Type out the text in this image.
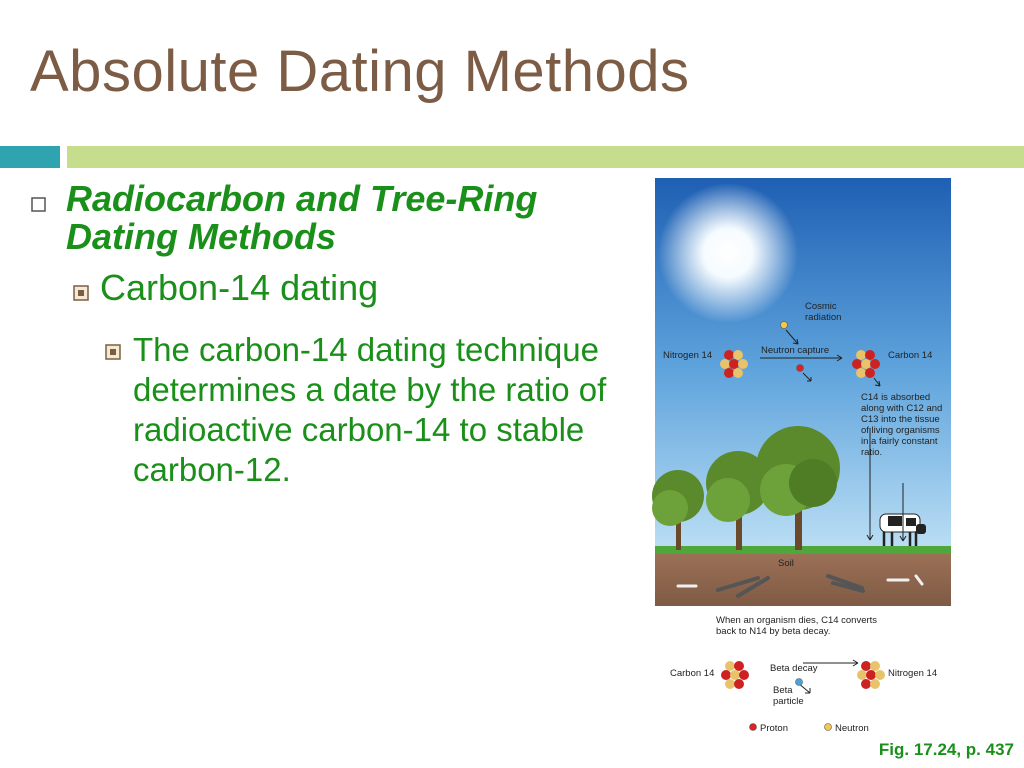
Absolute Dating Methods
Radiocarbon and Tree-Ring Dating Methods
Carbon-14 dating
The carbon-14 dating technique determines a date by the ratio of radioactive carbon-14 to stable carbon-12.
Cosmic
radiation
Nitrogen 14	Neutron capture	Carbon 14
C14 is absorbed
along with C12 and
C13 into the tissue
of living organisms
in a fairly constant
ratio.
Soil
When an organism dies, C14 converts
back to N14 by beta decay.
Carbon 14	Beta decay	Nitrogen 14
Beta
particle
Proton	Neutron
Fig. 17.24, p. 437
